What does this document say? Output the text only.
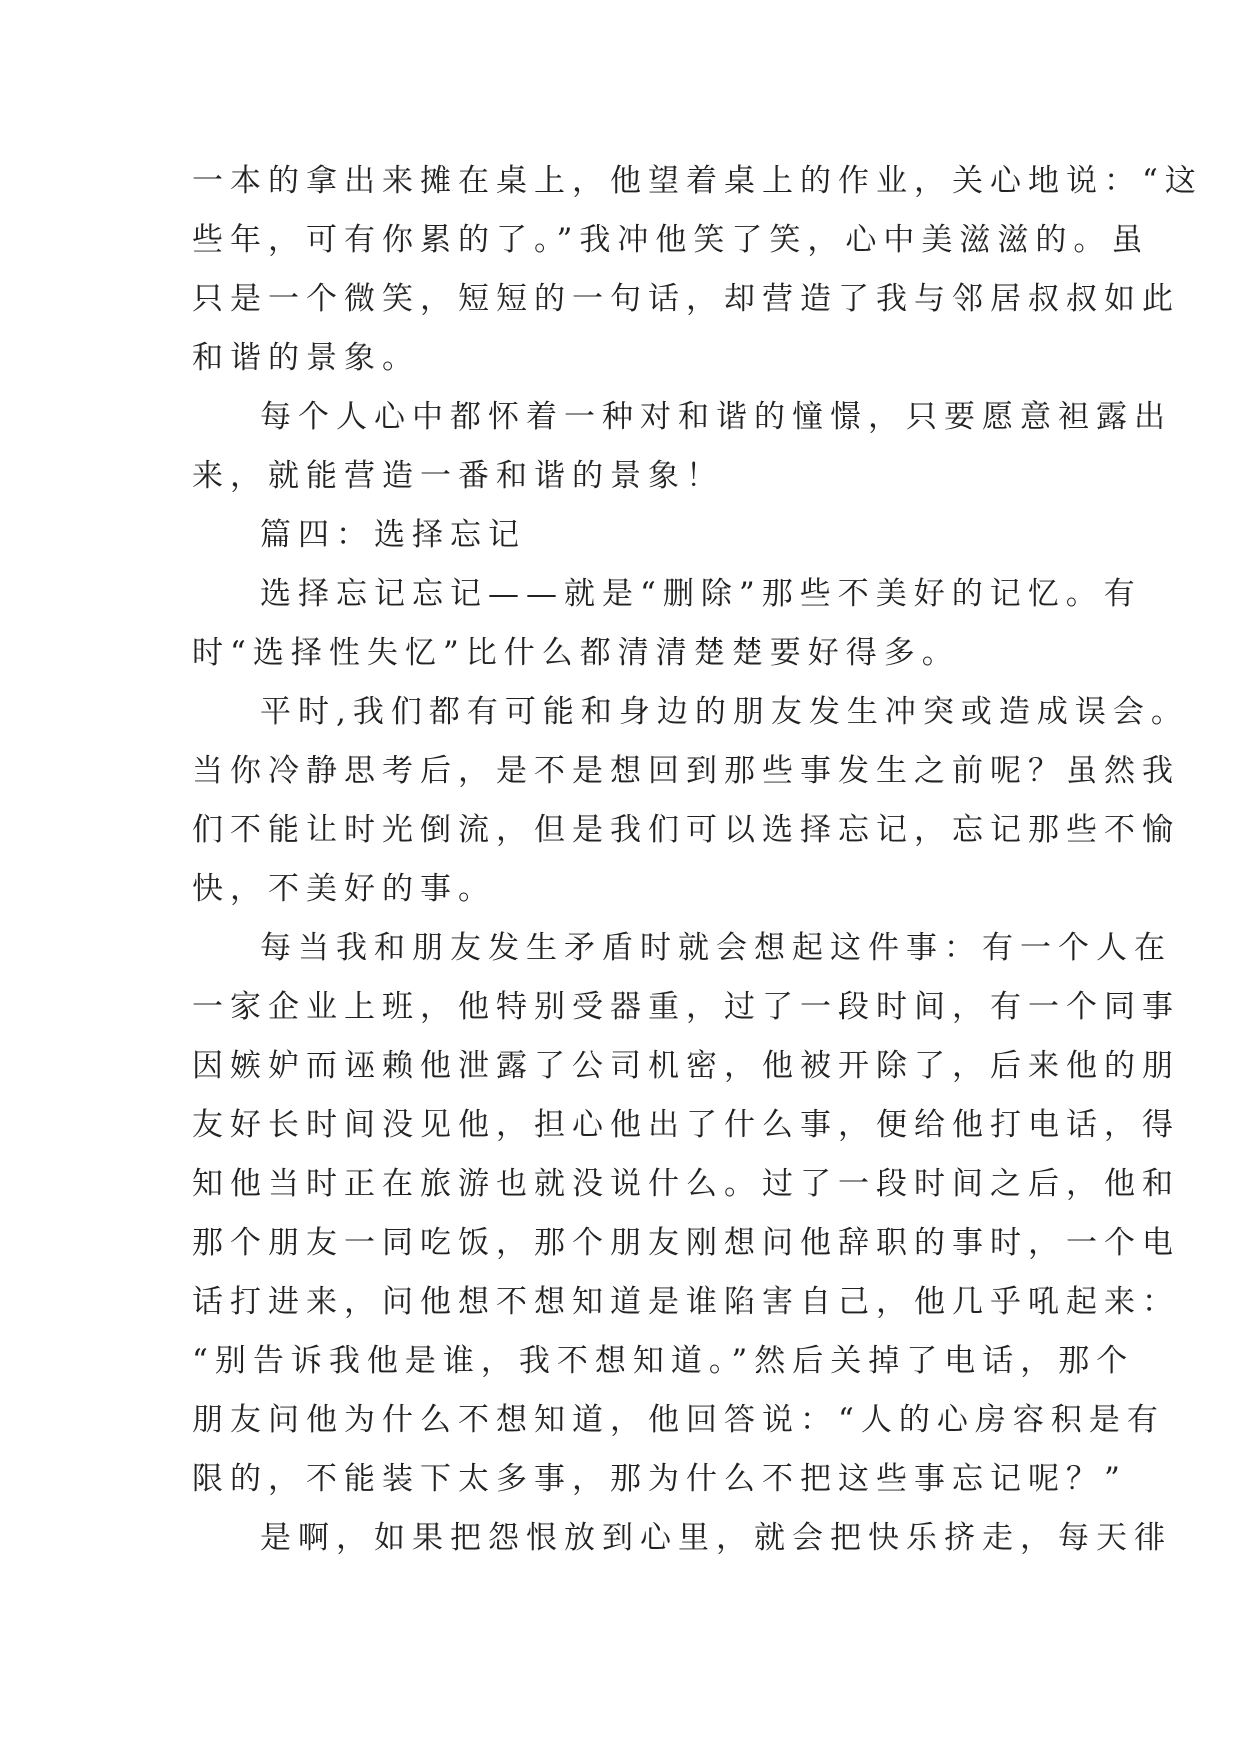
一本的拿出来摊在桌上，他望着桌上的作业，关心地说：“这
些年，可有你累的了。”我冲他笑了笑，心中美滋滋的。虽
只是一个微笑，短短的一句话，却营造了我与邻居叔叔如此
和谐的景象。
每个人心中都怀着一种对和谐的憧憬，只要愿意袒露出
来，就能营造一番和谐的景象！
篇四：选择忘记
选择忘记忘记——就是“删除”那些不美好的记忆。有
时“选择性失忆”比什么都清清楚楚要好得多。
平时,我们都有可能和身边的朋友发生冲突或造成误会。
当你冷静思考后，是不是想回到那些事发生之前呢？虽然我
们不能让时光倒流，但是我们可以选择忘记，忘记那些不愉
快，不美好的事。
每当我和朋友发生矛盾时就会想起这件事：有一个人在
一家企业上班，他特别受器重，过了一段时间，有一个同事
因嫉妒而诬赖他泄露了公司机密，他被开除了，后来他的朋
友好长时间没见他，担心他出了什么事，便给他打电话，得
知他当时正在旅游也就没说什么。过了一段时间之后，他和
那个朋友一同吃饭，那个朋友刚想问他辞职的事时，一个电
话打进来，问他想不想知道是谁陷害自己，他几乎吼起来：
“别告诉我他是谁，我不想知道。”然后关掉了电话，那个
朋友问他为什么不想知道，他回答说：“人的心房容积是有
限的，不能装下太多事，那为什么不把这些事忘记呢？”
是啊，如果把怨恨放到心里，就会把快乐挤走，每天徘
